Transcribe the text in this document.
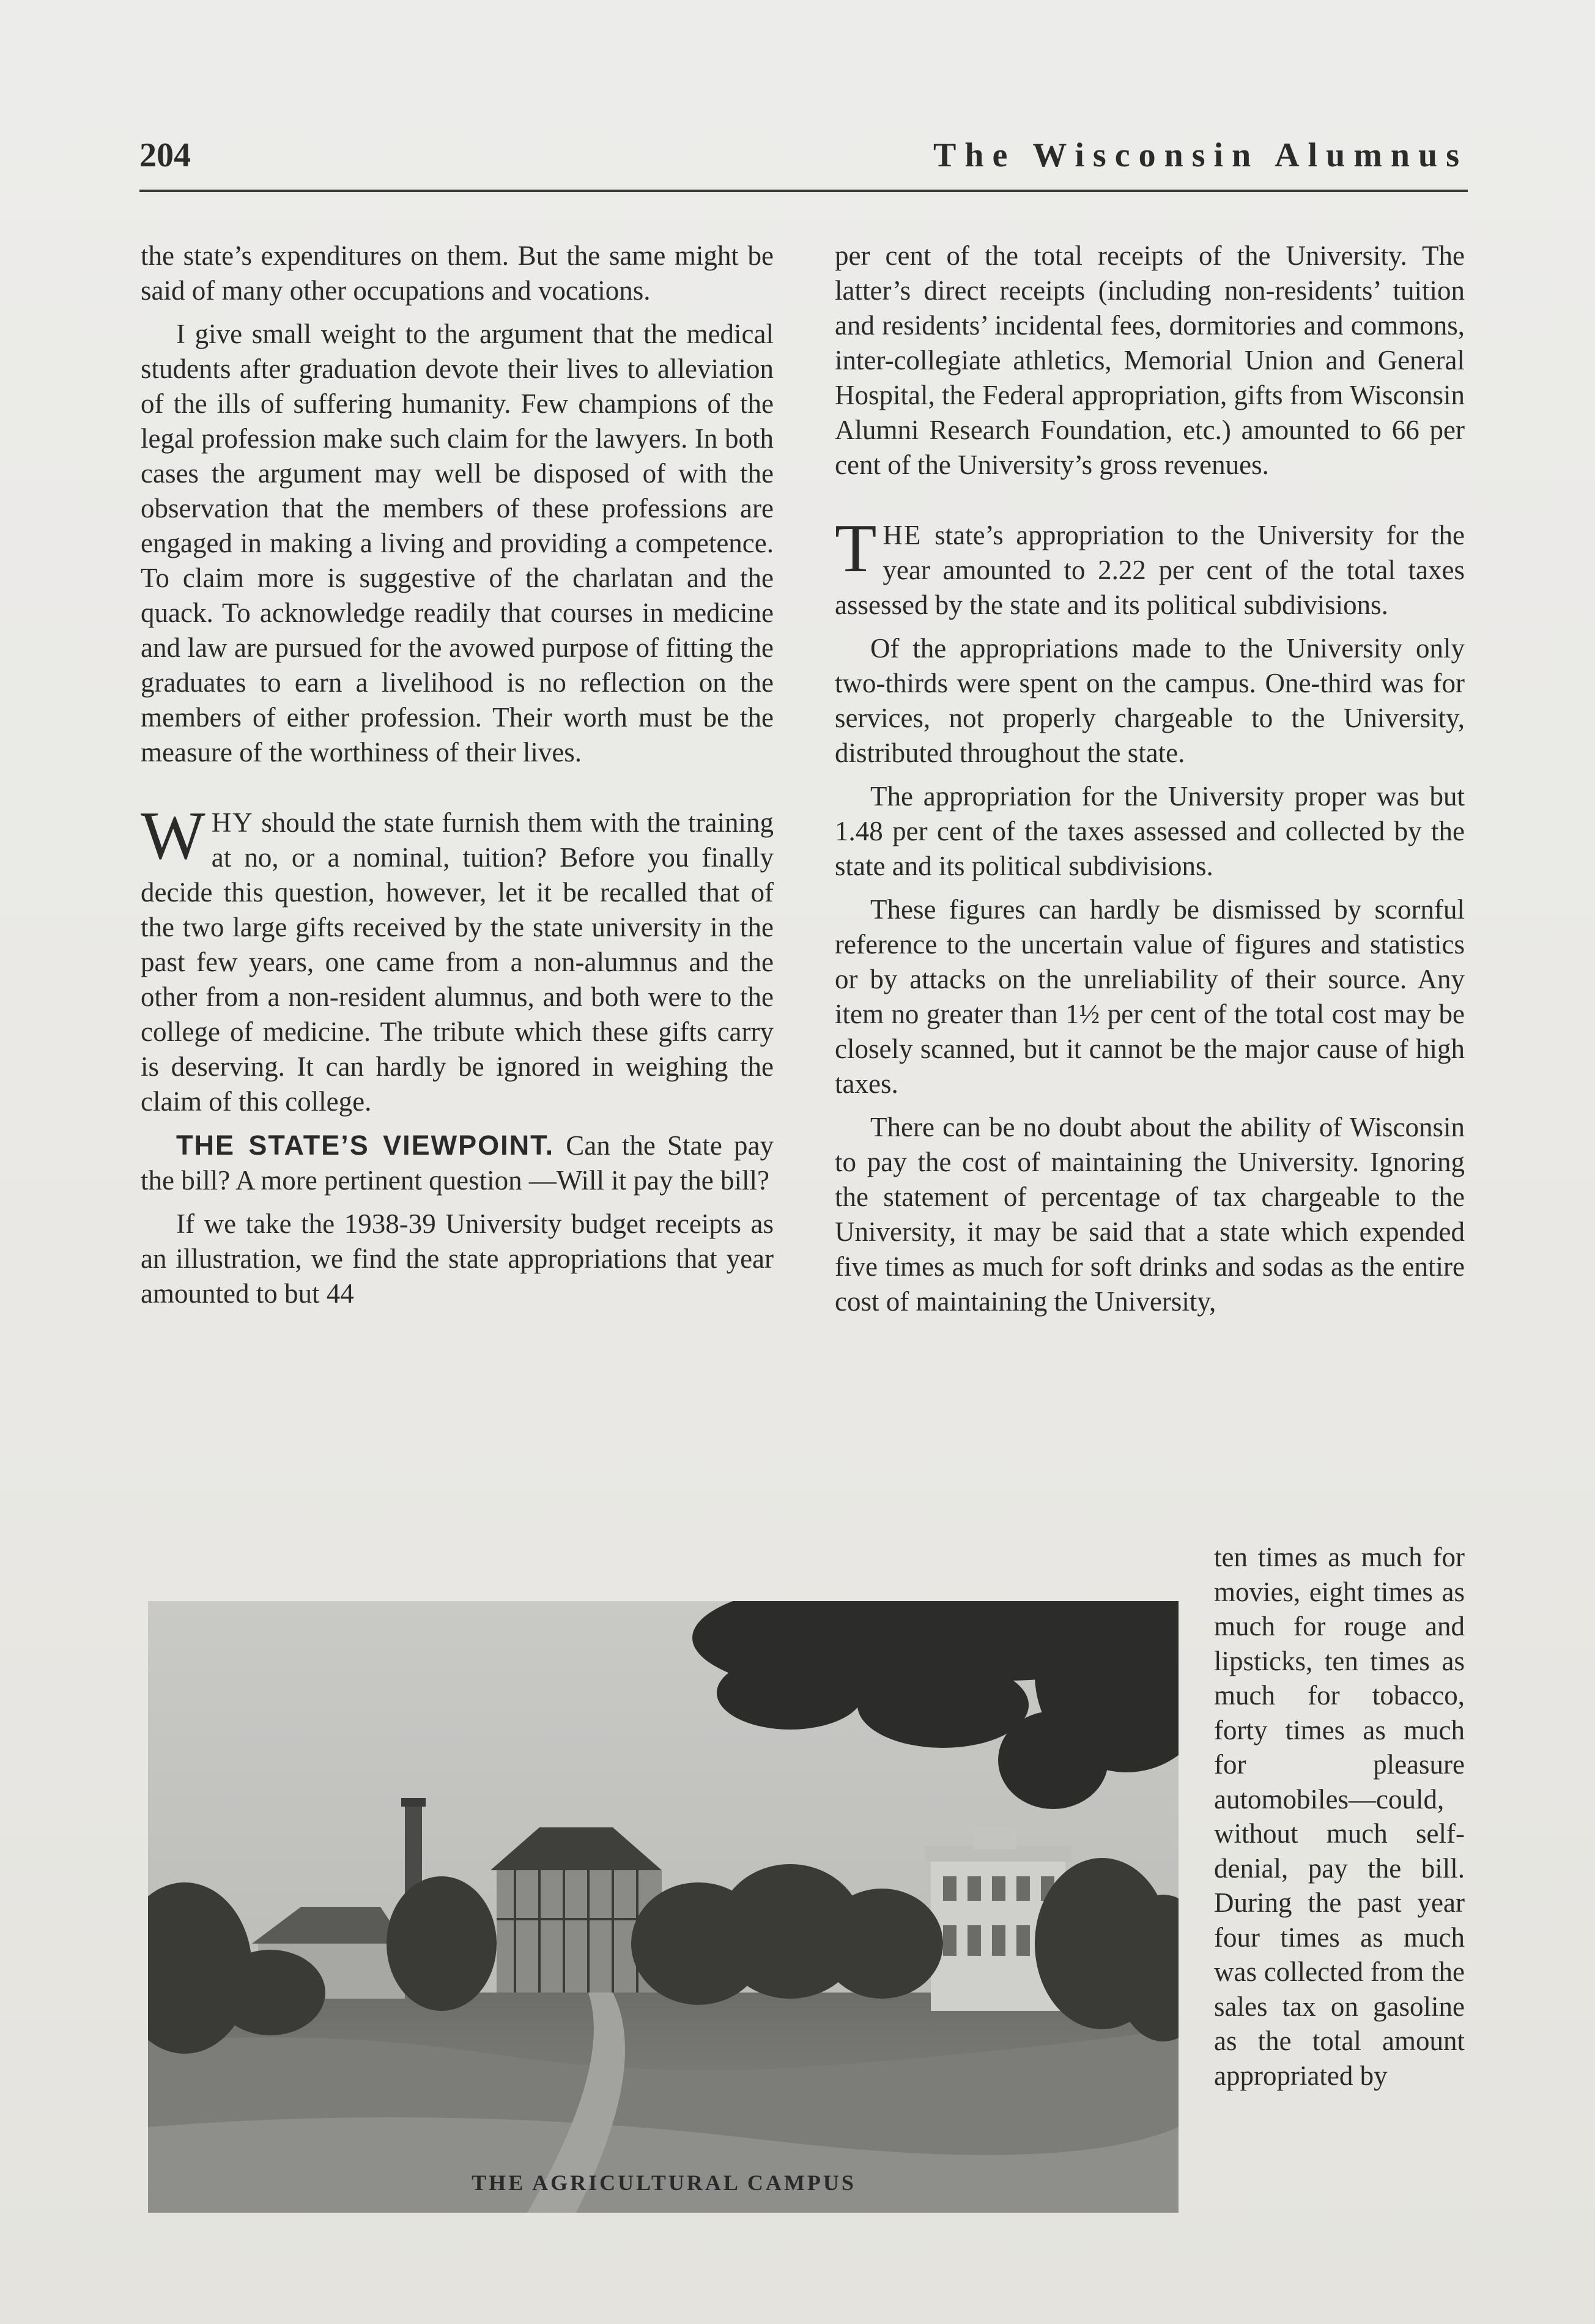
204	The Wisconsin Alumnus

the state’s expenditures on them. But the same might be said of many other occupations and vocations.

I give small weight to the argument that the medical students after graduation devote their lives to alleviation of the ills of suffering humanity. Few champions of the legal profession make such claim for the lawyers. In both cases the argument may well be disposed of with the observation that the members of these professions are engaged in making a living and providing a competence. To claim more is suggestive of the charlatan and the quack. To acknowledge readily that courses in medicine and law are pursued for the avowed purpose of fitting the graduates to earn a livelihood is no reflection on the members of either profession. Their worth must be the measure of the worthiness of their lives.

WHY should the state furnish them with the training at no, or a nominal, tuition? Before you finally decide this question, however, let it be recalled that of the two large gifts received by the state university in the past few years, one came from a non-alumnus and the other from a non-resident alumnus, and both were to the college of medicine. The tribute which these gifts carry is deserving. It can hardly be ignored in weighing the claim of this college.

THE STATE’S VIEWPOINT. Can the State pay the bill? A more pertinent question —Will it pay the bill?

If we take the 1938-39 University budget receipts as an illustration, we find the state appropriations that year amounted to but 44

per cent of the total receipts of the University. The latter’s direct receipts (including non-residents’ tuition and residents’ incidental fees, dormitories and commons, inter-collegiate athletics, Memorial Union and General Hospital, the Federal appropriation, gifts from Wisconsin Alumni Research Foundation, etc.) amounted to 66 per cent of the University’s gross revenues.

THE state’s appropriation to the University for the year amounted to 2.22 per cent of the total taxes assessed by the state and its political subdivisions.

Of the appropriations made to the University only two-thirds were spent on the campus. One-third was for services, not properly chargeable to the University, distributed throughout the state.

The appropriation for the University proper was but 1.48 per cent of the taxes assessed and collected by the state and its political subdivisions.

These figures can hardly be dismissed by scornful reference to the uncertain value of figures and statistics or by attacks on the unreliability of their source. Any item no greater than 1½ per cent of the total cost may be closely scanned, but it cannot be the major cause of high taxes.

There can be no doubt about the ability of Wisconsin to pay the cost of maintaining the University. Ignoring the statement of percentage of tax chargeable to the University, it may be said that a state which expended five times as much for soft drinks and sodas as the entire cost of maintaining the University,

ten times as much for movies, eight times as much for rouge and lipsticks, ten times as much for tobacco, forty times as much for pleasure automobiles—could, without much self-denial, pay the bill. During the past year four times as much was collected from the sales tax on gasoline as the total amount appropriated by

THE AGRICULTURAL CAMPUS
